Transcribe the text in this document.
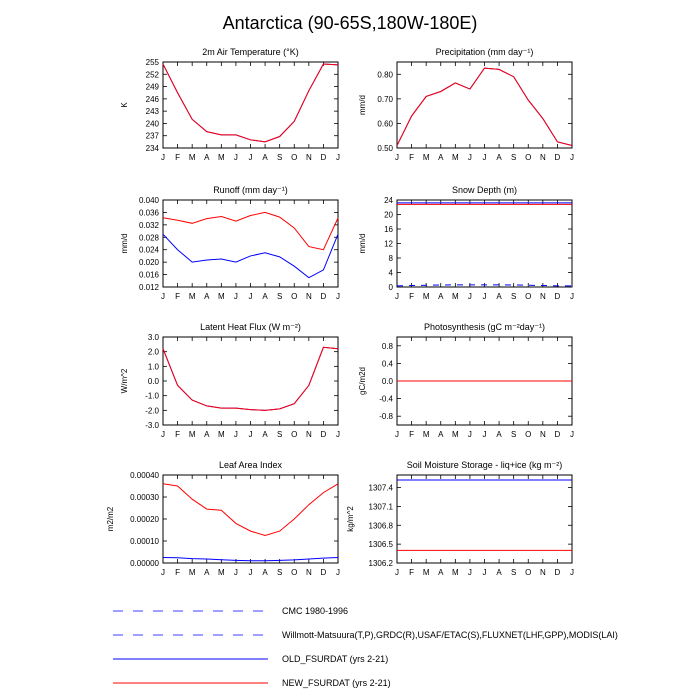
Antarctica (90-65S,180W-180E)
2m Air Temperature (°K)
J F M A M J J A S O N D J
234
237
240
243
246
249
252
255
K
Precipitation (mm day⁻¹)
J F M A M J J A S O N D J
0.50
0.60
0.70
0.80
mm/d
Runoff (mm day⁻¹)
J F M A M J J A S O N D J
0.012
0.016
0.020
0.024
0.028
0.032
0.036
0.040
mm/d
Snow Depth (m)
J F M A M J J A S O N D J
0
4
8
12
16
20
24
mm/d
Latent Heat Flux (W m⁻²)
J F M A M J J A S O N D J
-3.0
-2.0
-1.0
0.0
1.0
2.0
3.0
W/m^2
Photosynthesis (gC m⁻²day⁻¹)
J F M A M J J A S O N D J
-0.8
-0.4
0.0
0.4
0.8
gC/m2d
Leaf Area Index
J F M A M J J A S O N D J
0.00000
0.00010
0.00020
0.00030
0.00040
m2/m2
Soil Moisture Storage - liq+ice (kg m⁻²)
J F M A M J J A S O N D J
1306.2
1306.5
1306.8
1307.1
1307.4
kg/m^2
CMC 1980-1996
Willmott-Matsuura(T,P),GRDC(R),USAF/ETAC(S),FLUXNET(LHF,GPP),MODIS(LAI)
OLD_FSURDAT (yrs 2-21)
NEW_FSURDAT (yrs 2-21)
